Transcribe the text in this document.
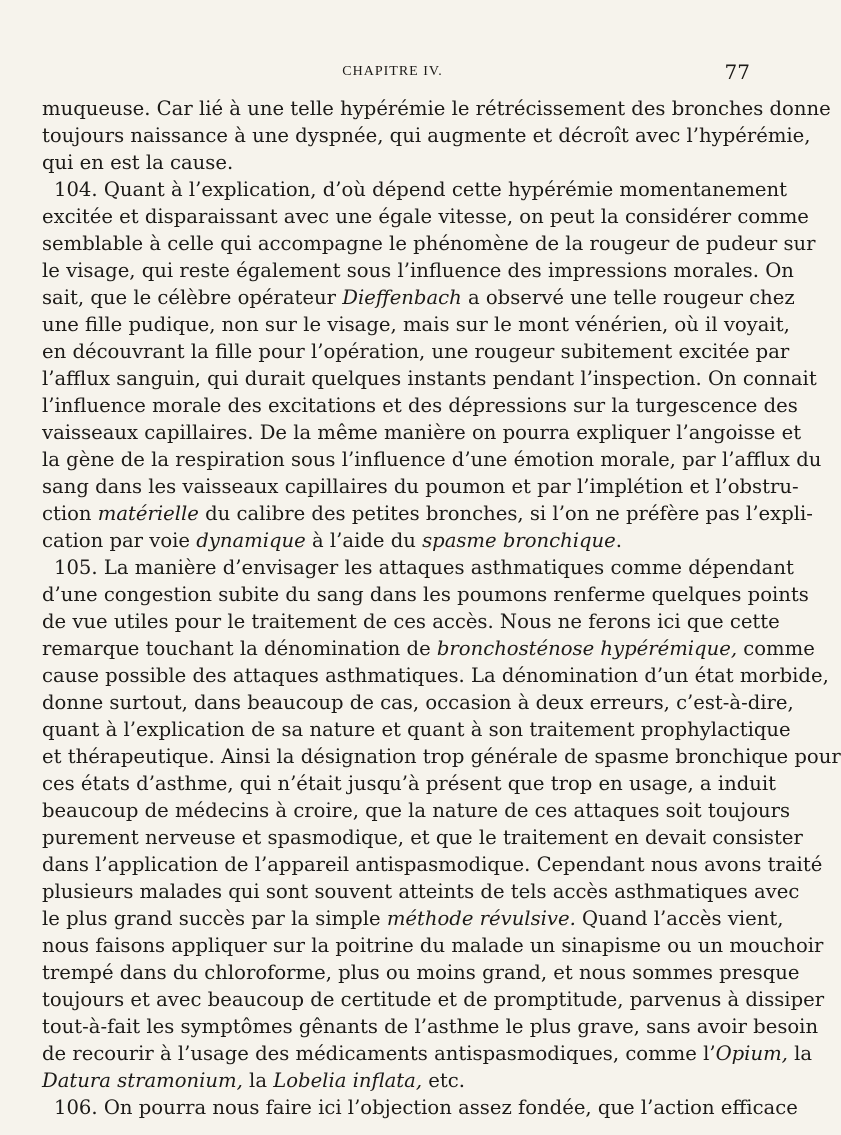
CHAPITRE IV.	77

muqueuse. Car lié à une telle hypérémie le rétrécissement des bronches donne

toujours naissance à une dyspnée, qui augmente et décroît avec l’hypérémie,

qui en est la cause.

104. Quant à l’explication, d’où dépend cette hypérémie momentanement

excitée et disparaissant avec une égale vitesse, on peut la considérer comme

semblable à celle qui accompagne le phénomène de la rougeur de pudeur sur

le visage, qui reste également sous l’influence des impressions morales. On

sait, que le célèbre opérateur Dieffenbach a observé une telle rougeur chez

une fille pudique, non sur le visage, mais sur le mont vénérien, où il voyait,

en découvrant la fille pour l’opération, une rougeur subitement excitée par

l’afflux sanguin, qui durait quelques instants pendant l’inspection. On connait

l’influence morale des excitations et des dépressions sur la turgescence des

vaisseaux capillaires. De la même manière on pourra expliquer l’angoisse et

la gène de la respiration sous l’influence d’une émotion morale, par l’afflux du

sang dans les vaisseaux capillaires du poumon et par l’implétion et l’obstru-

ction matérielle du calibre des petites bronches, si l’on ne préfère pas l’expli-

cation par voie dynamique à l’aide du spasme bronchique.

105. La manière d’envisager les attaques asthmatiques comme dépendant

d’une congestion subite du sang dans les poumons renferme quelques points

de vue utiles pour le traitement de ces accès. Nous ne ferons ici que cette

remarque touchant la dénomination de bronchosténose hypérémique, comme

cause possible des attaques asthmatiques. La dénomination d’un état morbide,

donne surtout, dans beaucoup de cas, occasion à deux erreurs, c’est-à-dire,

quant à l’explication de sa nature et quant à son traitement prophylactique

et thérapeutique. Ainsi la désignation trop générale de spasme bronchique pour

ces états d’asthme, qui n’était jusqu’à présent que trop en usage, a induit

beaucoup de médecins à croire, que la nature de ces attaques soit toujours

purement nerveuse et spasmodique, et que le traitement en devait consister

dans l’application de l’appareil antispasmodique. Cependant nous avons traité

plusieurs malades qui sont souvent atteints de tels accès asthmatiques avec

le plus grand succès par la simple méthode révulsive. Quand l’accès vient,

nous faisons appliquer sur la poitrine du malade un sinapisme ou un mouchoir

trempé dans du chloroforme, plus ou moins grand, et nous sommes presque

toujours et avec beaucoup de certitude et de promptitude, parvenus à dissiper

tout-à-fait les symptômes gênants de l’asthme le plus grave, sans avoir besoin

de recourir à l’usage des médicaments antispasmodiques, comme l’Opium, la

Datura stramonium, la Lobelia inflata, etc.

106. On pourra nous faire ici l’objection assez fondée, que l’action efficace
